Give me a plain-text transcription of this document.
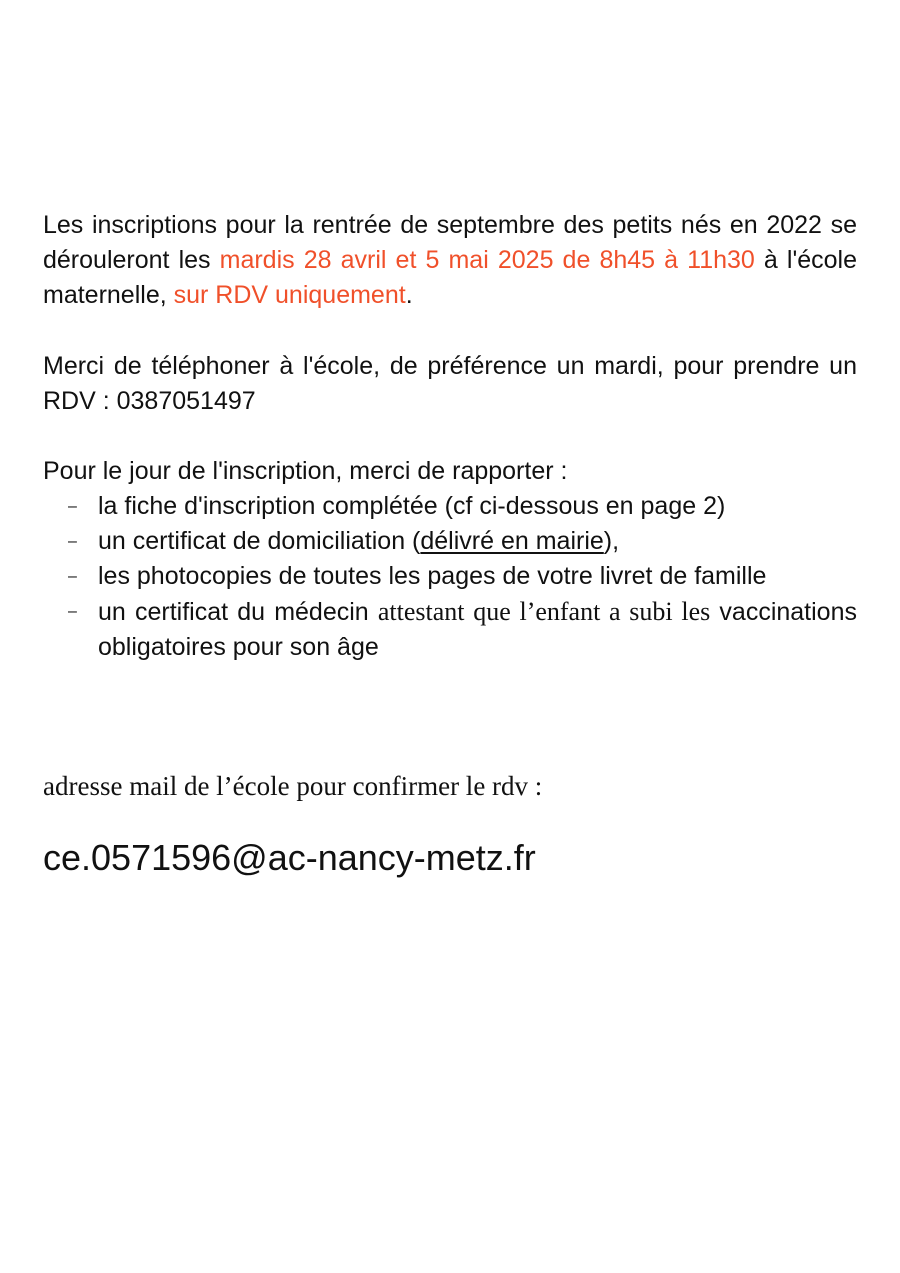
Les inscriptions pour la rentrée de septembre des petits nés en 2022 se dérouleront les mardis 28 avril et 5 mai 2025 de 8h45 à 11h30 à l'école maternelle, sur RDV uniquement.
Merci de téléphoner à l'école, de préférence un mardi, pour prendre un RDV : 0387051497
Pour le jour de l'inscription, merci de rapporter :
– la fiche d'inscription complétée (cf ci-dessous en page 2)
– un certificat de domiciliation (délivré en mairie),
– les photocopies de toutes les pages de votre livret de famille
– un certificat du médecin attestant que l’enfant a subi les vaccinations obligatoires pour son âge
adresse mail de l’école pour confirmer le rdv :
ce.0571596@ac-nancy-metz.fr
